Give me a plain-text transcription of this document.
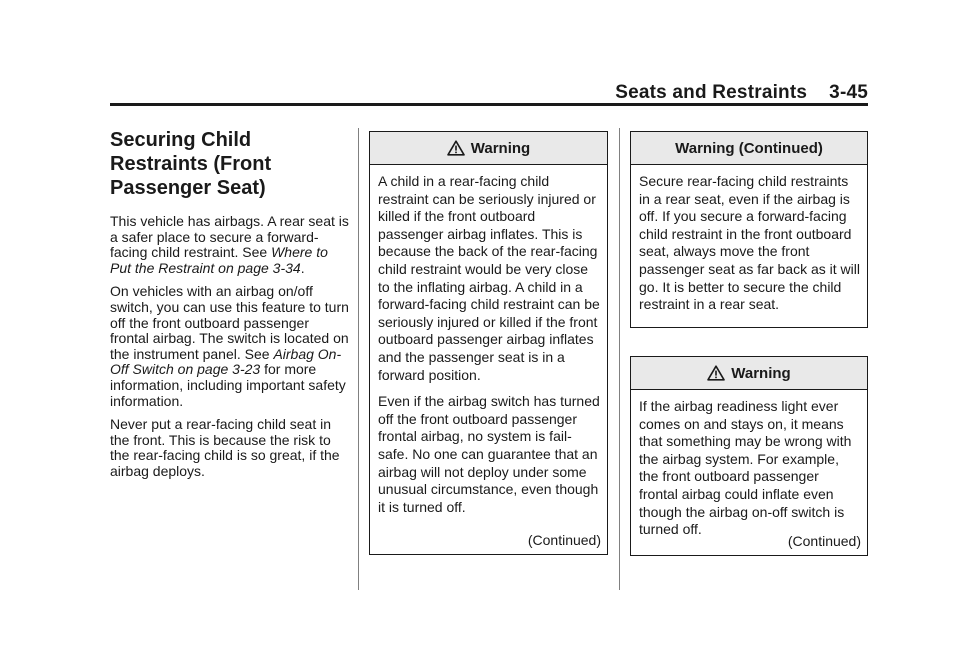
Seats and Restraints 3-45
Securing Child Restraints (Front Passenger Seat)

This vehicle has airbags. A rear seat is a safer place to secure a forward-facing child restraint. See Where to Put the Restraint on page 3-34.

On vehicles with an airbag on/off switch, you can use this feature to turn off the front outboard passenger frontal airbag. The switch is located on the instrument panel. See Airbag On-Off Switch on page 3-23 for more information, including important safety information.

Never put a rear-facing child seat in the front. This is because the risk to the rear-facing child is so great, if the airbag deploys.

Warning

A child in a rear-facing child restraint can be seriously injured or killed if the front outboard passenger airbag inflates. This is because the back of the rear-facing child restraint would be very close to the inflating airbag. A child in a forward-facing child restraint can be seriously injured or killed if the front outboard passenger airbag inflates and the passenger seat is in a forward position.

Even if the airbag switch has turned off the front outboard passenger frontal airbag, no system is fail-safe. No one can guarantee that an airbag will not deploy under some unusual circumstance, even though it is turned off.

(Continued)
Warning (Continued)

Secure rear-facing child restraints in a rear seat, even if the airbag is off. If you secure a forward-facing child restraint in the front outboard seat, always move the front passenger seat as far back as it will go. It is better to secure the child restraint in a rear seat.

Warning

If the airbag readiness light ever comes on and stays on, it means that something may be wrong with the airbag system. For example, the front outboard passenger frontal airbag could inflate even though the airbag on-off switch is turned off.

(Continued)
